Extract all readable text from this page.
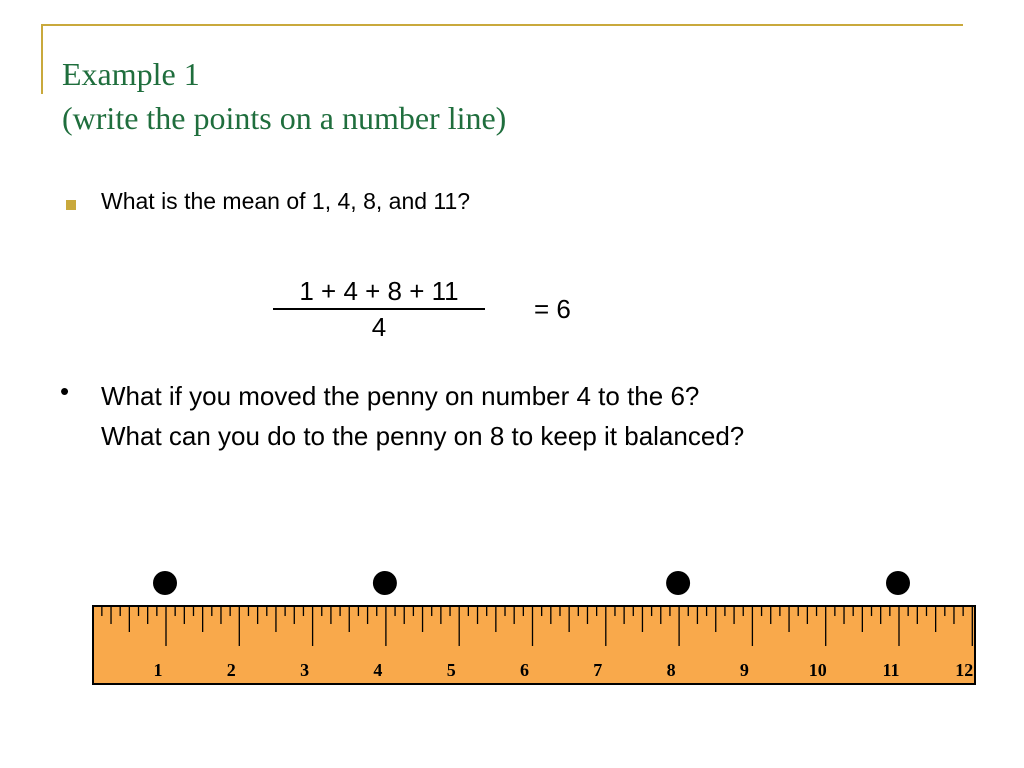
Example 1
(write the points on a number line)
What is the mean of 1, 4, 8, and 11?
$\frac{1 + 4 + 8 + 11}{4} = 6$
• What if you moved the penny on number 4 to the 6?
What can you do to the penny on 8 to keep it balanced?
1	2	3	4	5	6	7	8	9	10	11	12
